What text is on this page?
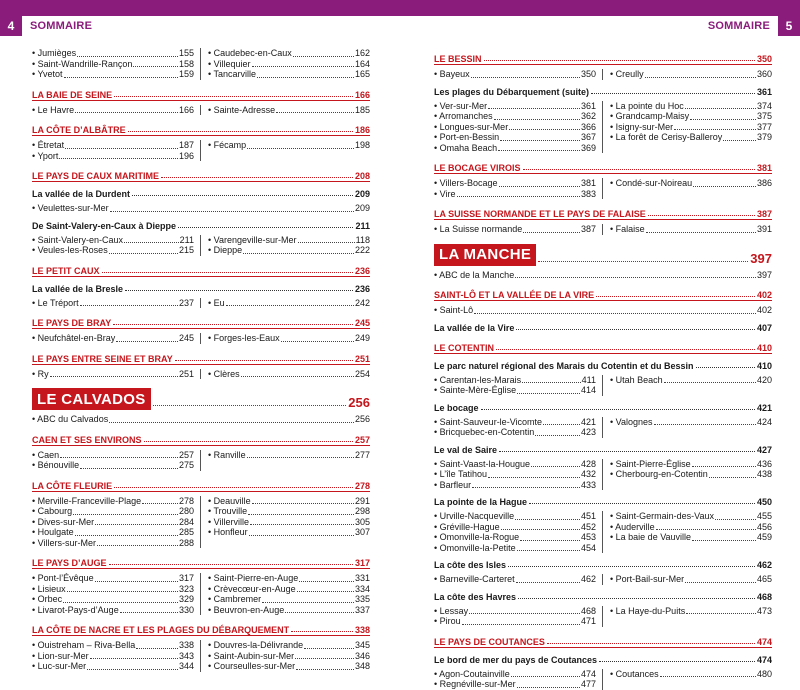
4	SOMMAIRE	SOMMAIRE	5
• Jumièges	155
• Saint-Wandrille-Rançon	158
• Yvetot	159
• Caudebec-en-Caux	162
• Villequier	164
• Tancarville	165
LA BAIE DE SEINE	166
• Le Havre	166	• Sainte-Adresse	185
LA CÔTE D’ALBÂTRE	186
• Étretat	187
• Yport	196
• Fécamp	198
LE PAYS DE CAUX MARITIME	208
La vallée de la Durdent	209
• Veulettes-sur-Mer	209
De Saint-Valery-en-Caux à Dieppe	211
• Saint-Valery-en-Caux	211
• Veules-les-Roses	215
• Varengeville-sur-Mer	118
• Dieppe	222
LE PETIT CAUX	236
La vallée de la Bresle	236
• Le Tréport	237	• Eu	242
LE PAYS DE BRAY	245
• Neufchâtel-en-Bray	245	• Forges-les-Eaux	249
LE PAYS ENTRE SEINE ET BRAY	251
• Ry	251	• Clères	254
LE CALVADOS	256
• ABC du Calvados	256
CAEN ET SES ENVIRONS	257
• Caen	257
• Bénouville	275
• Ranville	277
LA CÔTE FLEURIE	278
• Merville-Franceville-Plage	278
• Cabourg	280
• Dives-sur-Mer	284
• Houlgate	285
• Villers-sur-Mer	288
• Deauville	291
• Trouville	298
• Villerville	305
• Honfleur	307
LE PAYS D’AUGE	317
• Pont-l’Évêque	317
• Lisieux	323
• Orbec	329
• Livarot-Pays-d’Auge	330
• Saint-Pierre-en-Auge	331
• Crèvecœur-en-Auge	334
• Cambremer	335
• Beuvron-en-Auge	337
LA CÔTE DE NACRE ET LES PLAGES DU DÉBARQUEMENT	338
• Ouistreham – Riva-Bella	338
• Lion-sur-Mer	343
• Luc-sur-Mer	344
• Douvres-la-Délivrande	345
• Saint-Aubin-sur-Mer	346
• Courseulles-sur-Mer	348
LE BESSIN	350
• Bayeux	350	• Creully	360
Les plages du Débarquement (suite)	361
• Ver-sur-Mer	361
• Arromanches	362
• Longues-sur-Mer	366
• Port-en-Bessin	367
• Omaha Beach	369
• La pointe du Hoc	374
• Grandcamp-Maisy	375
• Isigny-sur-Mer	377
• La forêt de Cerisy-Balleroy	379
LE BOCAGE VIROIS	381
• Villers-Bocage	381
• Vire	383
• Condé-sur-Noireau	386
LA SUISSE NORMANDE ET LE PAYS DE FALAISE	387
• La Suisse normande	387	• Falaise	391
LA MANCHE	397
• ABC de la Manche	397
SAINT-LÔ ET LA VALLÉE DE LA VIRE	402
• Saint-Lô	402
La vallée de la Vire	407
LE COTENTIN	410
Le parc naturel régional des Marais du Cotentin et du Bessin	410
• Carentan-les-Marais	411
• Sainte-Mère-Église	414
• Utah Beach	420
Le bocage	421
• Saint-Sauveur-le-Vicomte	421
• Bricquebec-en-Cotentin	423
• Valognes	424
Le val de Saire	427
• Saint-Vaast-la-Hougue	428
• L’île Tatihou	432
• Barfleur	433
• Saint-Pierre-Église	436
• Cherbourg-en-Cotentin	438
La pointe de la Hague	450
• Urville-Nacqueville	451
• Gréville-Hague	452
• Omonville-la-Rogue	453
• Omonville-la-Petite	454
• Saint-Germain-des-Vaux	455
• Auderville	456
• La baie de Vauville	459
La côte des Isles	462
• Barneville-Carteret	462	• Port-Bail-sur-Mer	465
La côte des Havres	468
• Lessay	468
• Pirou	471
• La Haye-du-Puits	473
LE PAYS DE COUTANCES	474
Le bord de mer du pays de Coutances	474
• Agon-Coutainville	474
• Regnéville-sur-Mer	477
• Coutances	480
